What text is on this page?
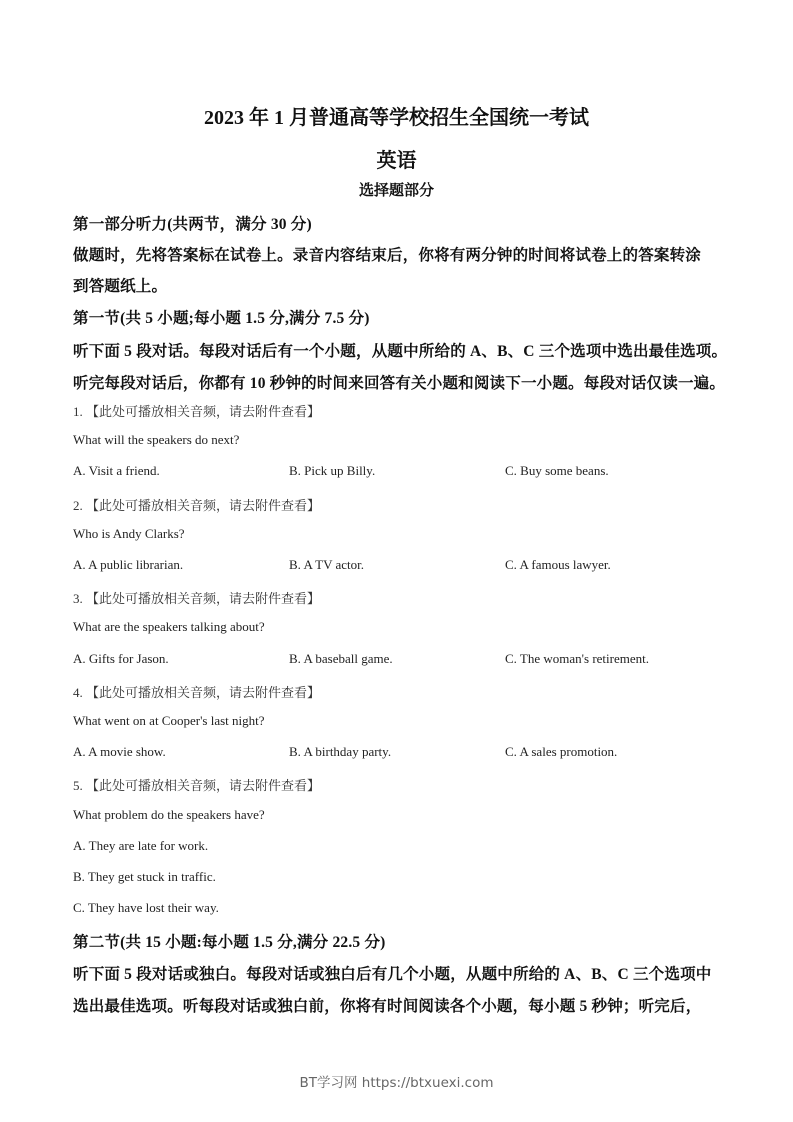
2023 年 1 月普通高等学校招生全国统一考试
英语
选择题部分
第一部分听力(共两节，满分 30 分)
做题时，先将答案标在试卷上。录音内容结束后，你将有两分钟的时间将试卷上的答案转涂
到答题纸上。
第一节(共 5 小题;每小题 1.5 分,满分 7.5 分)
听下面 5 段对话。每段对话后有一个小题，从题中所给的 A、B、C 三个选项中选出最佳选项。
听完每段对话后，你都有 10 秒钟的时间来回答有关小题和阅读下一小题。每段对话仅读一遍。
1. 【此处可播放相关音频，请去附件查看】
What will the speakers do next?
A. Visit a friend.	B. Pick up Billy.	C. Buy some beans.
2. 【此处可播放相关音频，请去附件查看】
Who is Andy Clarks?
A. A public librarian.	B. A TV actor.	C. A famous lawyer.
3. 【此处可播放相关音频，请去附件查看】
What are the speakers talking about?
A. Gifts for Jason.	B. A baseball game.	C. The woman's retirement.
4. 【此处可播放相关音频，请去附件查看】
What went on at Cooper's last night?
A. A movie show.	B. A birthday party.	C. A sales promotion.
5. 【此处可播放相关音频，请去附件查看】
What problem do the speakers have?
A. They are late for work.
B. They get stuck in traffic.
C. They have lost their way.
第二节(共 15 小题:每小题 1.5 分,满分 22.5 分)
听下面 5 段对话或独白。每段对话或独白后有几个小题，从题中所给的 A、B、C 三个选项中
选出最佳选项。听每段对话或独白前，你将有时间阅读各个小题，每小题 5 秒钟；听完后，
BT学习网 https://btxuexi.com
